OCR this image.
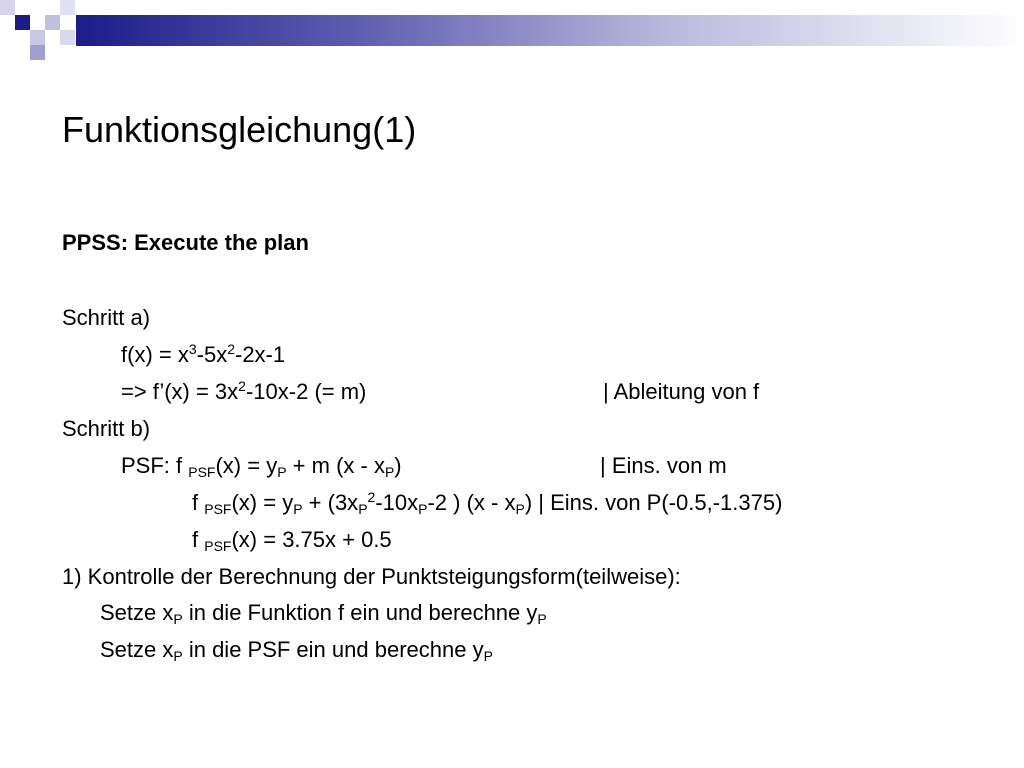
Funktionsgleichung(1)
PPSS: Execute the plan
Schritt a)
$f(x) = x^3-5x^2-2x-1$
=> f’(x) = $3x^2-10x-2$ (= m)	| Ableitung von f
Schritt b)
PSF: f $_{PSF}(x) = y_P + m$ $(x - x_P)$	| Eins. von m
f $_{PSF}(x) = y_P + (3x_P^2-10x_P-2$ ) $(x - x_P)$ | Eins. von P(-0.5,-1.375)
f $_{PSF}$(x) = 3.75x + 0.5
1) Kontrolle der Berechnung der Punktsteigungsform(teilweise):
Setze $x_P$ in die Funktion f ein und berechne $y_P$
Setze $x_P$ in die PSF ein und berechne $y_P$
